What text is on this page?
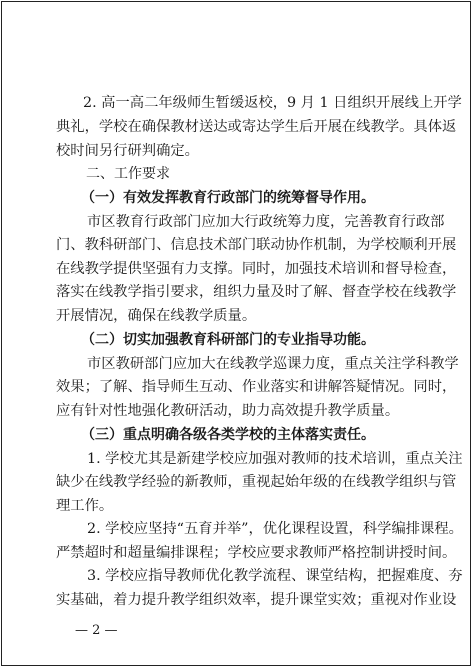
2. 高一高二年级师生暂缓返校，9 月 1 日组织开展线上开学
典礼，学校在确保教材送达或寄达学生后开展在线教学。具体返
校时间另行研判确定。
二、工作要求
（一）有效发挥教育行政部门的统筹督导作用。
市区教育行政部门应加大行政统筹力度，完善教育行政部
门、教科研部门、信息技术部门联动协作机制，为学校顺利开展
在线教学提供坚强有力支撑。同时，加强技术培训和督导检查，
落实在线教学指引要求，组织力量及时了解、督查学校在线教学
开展情况，确保在线教学质量。
（二）切实加强教育科研部门的专业指导功能。
市区教研部门应加大在线教学巡课力度，重点关注学科教学
效果；了解、指导师生互动、作业落实和讲解答疑情况。同时，
应有针对性地强化教研活动，助力高效提升教学质量。
（三）重点明确各级各类学校的主体落实责任。
1. 学校尤其是新建学校应加强对教师的技术培训，重点关注
缺少在线教学经验的新教师，重视起始年级的在线教学组织与管
理工作。
2. 学校应坚持“五育并举”，优化课程设置，科学编排课程。
严禁超时和超量编排课程；学校应要求教师严格控制讲授时间。
3. 学校应指导教师优化教学流程、课堂结构，把握难度、夯
实基础，着力提升教学组织效率，提升课堂实效；重视对作业设
— 2 —
